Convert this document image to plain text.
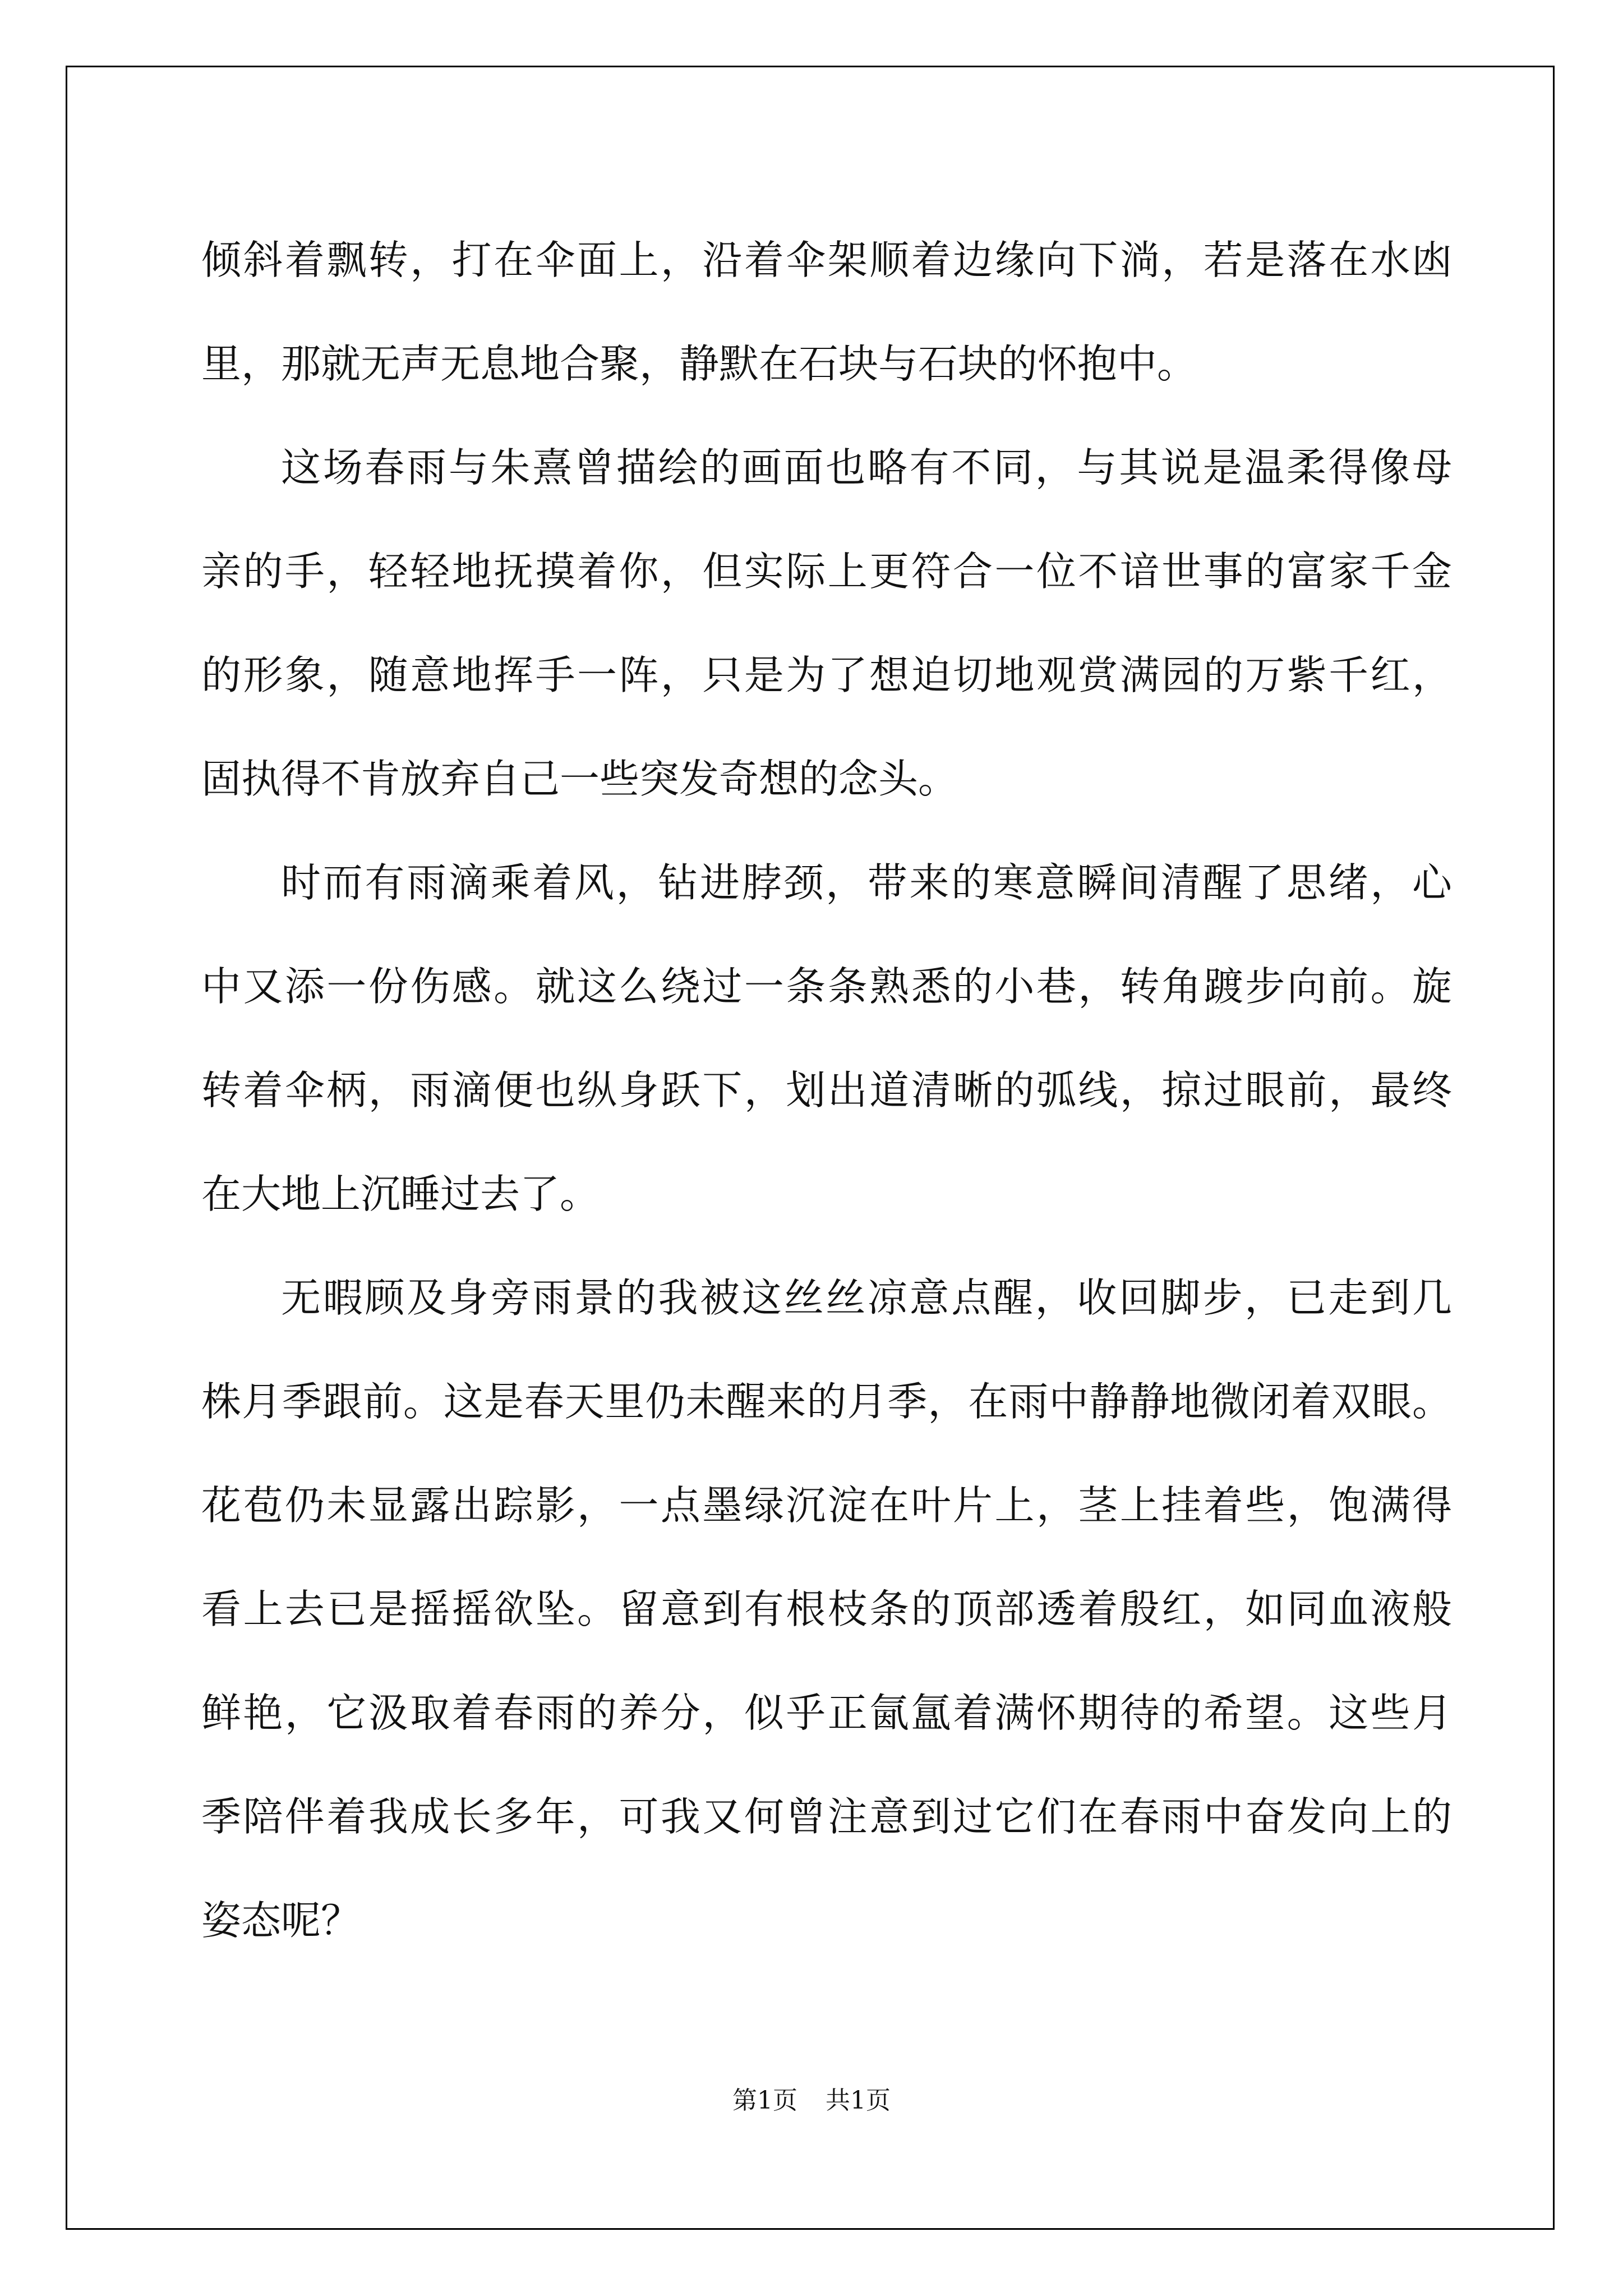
倾斜着飘转，打在伞面上，沿着伞架顺着边缘向下淌，若是落在水凼
里，那就无声无息地合聚，静默在石块与石块的怀抱中。
这场春雨与朱熹曾描绘的画面也略有不同，与其说是温柔得像母
亲的手，轻轻地抚摸着你，但实际上更符合一位不谙世事的富家千金
的形象，随意地挥手一阵，只是为了想迫切地观赏满园的万紫千红，
固执得不肯放弃自己一些突发奇想的念头。
时而有雨滴乘着风，钻进脖颈，带来的寒意瞬间清醒了思绪，心
中又添一份伤感。就这么绕过一条条熟悉的小巷，转角踱步向前。旋
转着伞柄，雨滴便也纵身跃下，划出道清晰的弧线，掠过眼前，最终
在大地上沉睡过去了。
无暇顾及身旁雨景的我被这丝丝凉意点醒，收回脚步，已走到几
株月季跟前。这是春天里仍未醒来的月季，在雨中静静地微闭着双眼。
花苞仍未显露出踪影，一点墨绿沉淀在叶片上，茎上挂着些，饱满得
看上去已是摇摇欲坠。留意到有根枝条的顶部透着殷红，如同血液般
鲜艳，它汲取着春雨的养分，似乎正氤氲着满怀期待的希望。这些月
季陪伴着我成长多年，可我又何曾注意到过它们在春雨中奋发向上的
姿态呢？
第1页 共1页
